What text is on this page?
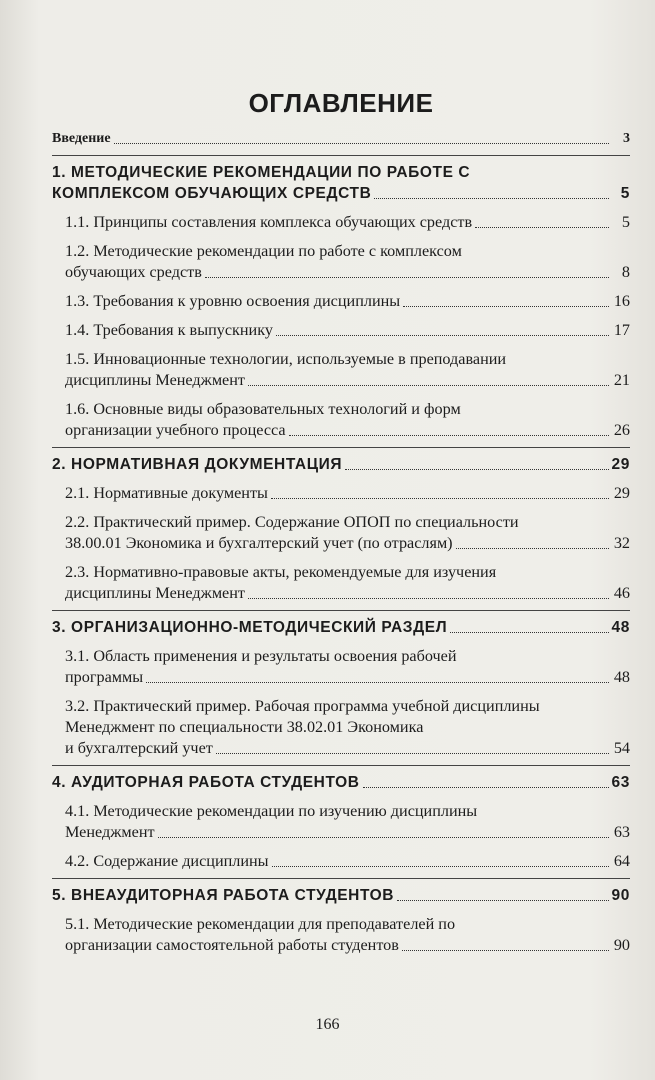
ОГЛАВЛЕНИЕ
Введение	3
1. МЕТОДИЧЕСКИЕ РЕКОМЕНДАЦИИ ПО РАБОТЕ С
КОМПЛЕКСОМ ОБУЧАЮЩИХ СРЕДСТВ	5
1.1. Принципы составления комплекса обучающих средств	5
1.2. Методические рекомендации по работе с комплексом
обучающих средств	8
1.3. Требования к уровню освоения дисциплины	16
1.4. Требования к выпускнику	17
1.5. Инновационные технологии, используемые в преподавании
дисциплины Менеджмент	21
1.6. Основные виды образовательных технологий и форм
организации учебного процесса	26
2. НОРМАТИВНАЯ ДОКУМЕНТАЦИЯ	29
2.1. Нормативные документы	29
2.2. Практический пример. Содержание ОПОП по специальности
38.00.01 Экономика и бухгалтерский учет (по отраслям)	32
2.3. Нормативно-правовые акты, рекомендуемые для изучения
дисциплины Менеджмент	46
3. ОРГАНИЗАЦИОННО-МЕТОДИЧЕСКИЙ РАЗДЕЛ	48
3.1. Область применения и результаты освоения рабочей
программы	48
3.2. Практический пример. Рабочая программа учебной дисциплины
Менеджмент по специальности 38.02.01 Экономика
и бухгалтерский учет	54
4. АУДИТОРНАЯ РАБОТА СТУДЕНТОВ	63
4.1. Методические рекомендации по изучению дисциплины
Менеджмент	63
4.2. Содержание дисциплины	64
5. ВНЕАУДИТОРНАЯ РАБОТА СТУДЕНТОВ	90
5.1. Методические рекомендации для преподавателей по
организации самостоятельной работы студентов	90
166
